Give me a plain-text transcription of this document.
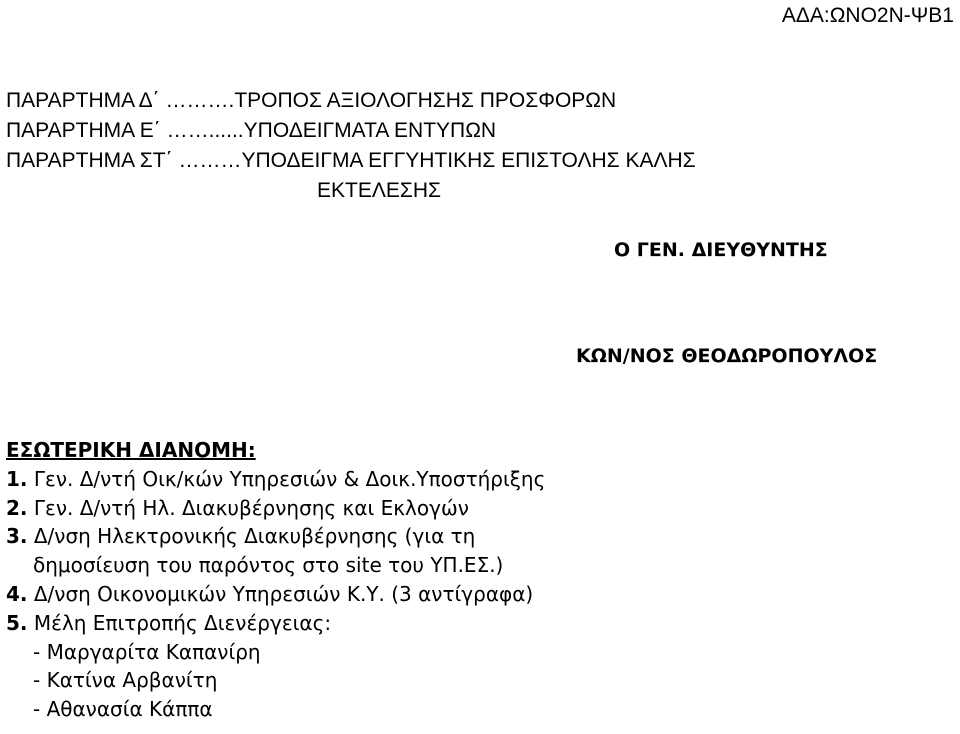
ΑΔΑ:ΩΝΟ2Ν-ΨΒ1
ΠΑΡΑΡΤΗΜΑ Δ΄ ……….ΤΡΟΠΟΣ ΑΞΙΟΛΟΓΗΣΗΣ ΠΡΟΣΦΟΡΩΝ
ΠΑΡΑΡΤΗΜΑ Ε΄ ……......ΥΠΟΔΕΙΓΜΑΤΑ ΕΝΤΥΠΩΝ
ΠΑΡΑΡΤΗΜΑ ΣΤ΄ ………ΥΠΟΔΕΙΓΜΑ ΕΓΓΥΗΤΙΚΗΣ ΕΠΙΣΤΟΛΗΣ ΚΑΛΗΣ
ΕΚΤΕΛΕΣΗΣ
Ο ΓΕΝ. ΔΙΕΥΘΥΝΤΗΣ
ΚΩΝ/ΝΟΣ ΘΕΟΔΩΡΟΠΟΥΛΟΣ
ΕΣΩΤΕΡΙΚΗ ΔΙΑΝΟΜΗ:
1. Γεν. Δ/ντή Οικ/κών Υπηρεσιών & Δοικ.Υποστήριξης
2. Γεν. Δ/ντή Ηλ. Διακυβέρνησης και Εκλογών
3. Δ/νση Ηλεκτρονικής Διακυβέρνησης (για τη
δημοσίευση του παρόντος στο site του ΥΠ.ΕΣ.)
4. Δ/νση Οικονομικών Υπηρεσιών Κ.Υ. (3 αντίγραφα)
5. Μέλη Επιτροπής Διενέργειας:
- Μαργαρίτα Καπανίρη
- Κατίνα Αρβανίτη
- Αθανασία Κάππα
